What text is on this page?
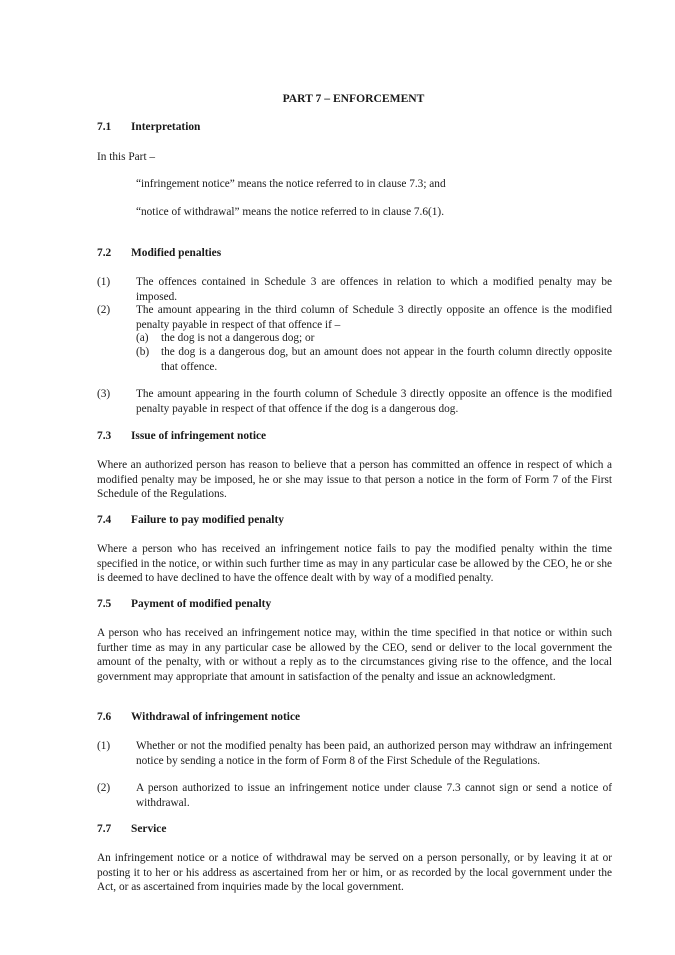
PART 7 – ENFORCEMENT
7.1 Interpretation
In this Part –
“infringement notice” means the notice referred to in clause 7.3; and
“notice of withdrawal” means the notice referred to in clause 7.6(1).
7.2 Modified penalties
(1) The offences contained in Schedule 3 are offences in relation to which a modified penalty may be imposed.
(2) The amount appearing in the third column of Schedule 3 directly opposite an offence is the modified penalty payable in respect of that offence if –
(a) the dog is not a dangerous dog; or
(b) the dog is a dangerous dog, but an amount does not appear in the fourth column directly opposite that offence.
(3) The amount appearing in the fourth column of Schedule 3 directly opposite an offence is the modified penalty payable in respect of that offence if the dog is a dangerous dog.
7.3 Issue of infringement notice
Where an authorized person has reason to believe that a person has committed an offence in respect of which a modified penalty may be imposed, he or she may issue to that person a notice in the form of Form 7 of the First Schedule of the Regulations.
7.4 Failure to pay modified penalty
Where a person who has received an infringement notice fails to pay the modified penalty within the time specified in the notice, or within such further time as may in any particular case be allowed by the CEO, he or she is deemed to have declined to have the offence dealt with by way of a modified penalty.
7.5 Payment of modified penalty
A person who has received an infringement notice may, within the time specified in that notice or within such further time as may in any particular case be allowed by the CEO, send or deliver to the local government the amount of the penalty, with or without a reply as to the circumstances giving rise to the offence, and the local government may appropriate that amount in satisfaction of the penalty and issue an acknowledgment.
7.6 Withdrawal of infringement notice
(1) Whether or not the modified penalty has been paid, an authorized person may withdraw an infringement notice by sending a notice in the form of Form 8 of the First Schedule of the Regulations.
(2) A person authorized to issue an infringement notice under clause 7.3 cannot sign or send a notice of withdrawal.
7.7 Service
An infringement notice or a notice of withdrawal may be served on a person personally, or by leaving it at or posting it to her or his address as ascertained from her or him, or as recorded by the local government under the Act, or as ascertained from inquiries made by the local government.
